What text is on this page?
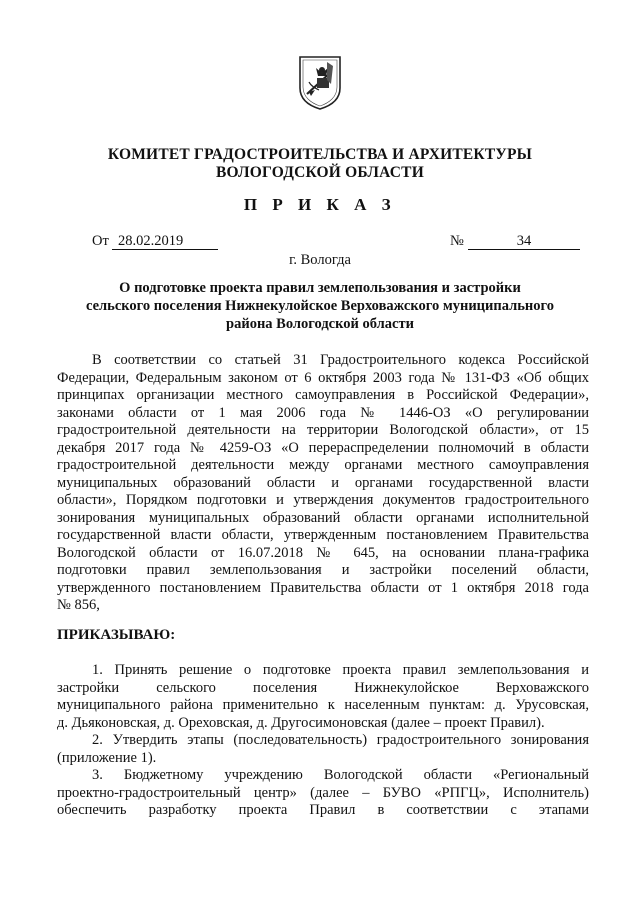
КОМИТЕТ ГРАДОСТРОИТЕЛЬСТВА И АРХИТЕКТУРЫ
ВОЛОГОДСКОЙ ОБЛАСТИ
П Р И К А З
От 28.02.2019	№	34
г. Вологда
О подготовке проекта правил землепользования и застройки
сельского поселения Нижнекулойское Верховажского муниципального
района Вологодской области
В соответствии со статьей 31 Градостроительного кодекса Российской
Федерации, Федеральным законом от 6 октября 2003 года № 131-ФЗ «Об общих
принципах организации местного самоуправления в Российской Федерации»,
законами области от 1 мая 2006 года № 1446-ОЗ «О регулировании
градостроительной деятельности на территории Вологодской области», от 15
декабря 2017 года № 4259-ОЗ «О перераспределении полномочий в области
градостроительной деятельности между органами местного самоуправления
муниципальных образований области и органами государственной власти
области», Порядком подготовки и утверждения документов градостроительного
зонирования муниципальных образований области органами исполнительной
государственной власти области, утвержденным постановлением Правительства
Вологодской области от 16.07.2018 № 645, на основании плана-графика
подготовки правил землепользования и застройки поселений области,
утвержденного постановлением Правительства области от 1 октября 2018 года
№ 856,
ПРИКАЗЫВАЮ:
1. Принять решение о подготовке проекта правил землепользования и
застройки сельского поселения Нижнекулойское Верховажского
муниципального района применительно к населенным пунктам: д. Урусовская,
д. Дьяконовская, д. Ореховская, д. Другосимоновская (далее – проект Правил).
2. Утвердить этапы (последовательность) градостроительного зонирования
(приложение 1).
3. Бюджетному учреждению Вологодской области «Региональный
проектно-градостроительный центр» (далее – БУВО «РПГЦ», Исполнитель)
обеспечить разработку проекта Правил в соответствии с этапами
